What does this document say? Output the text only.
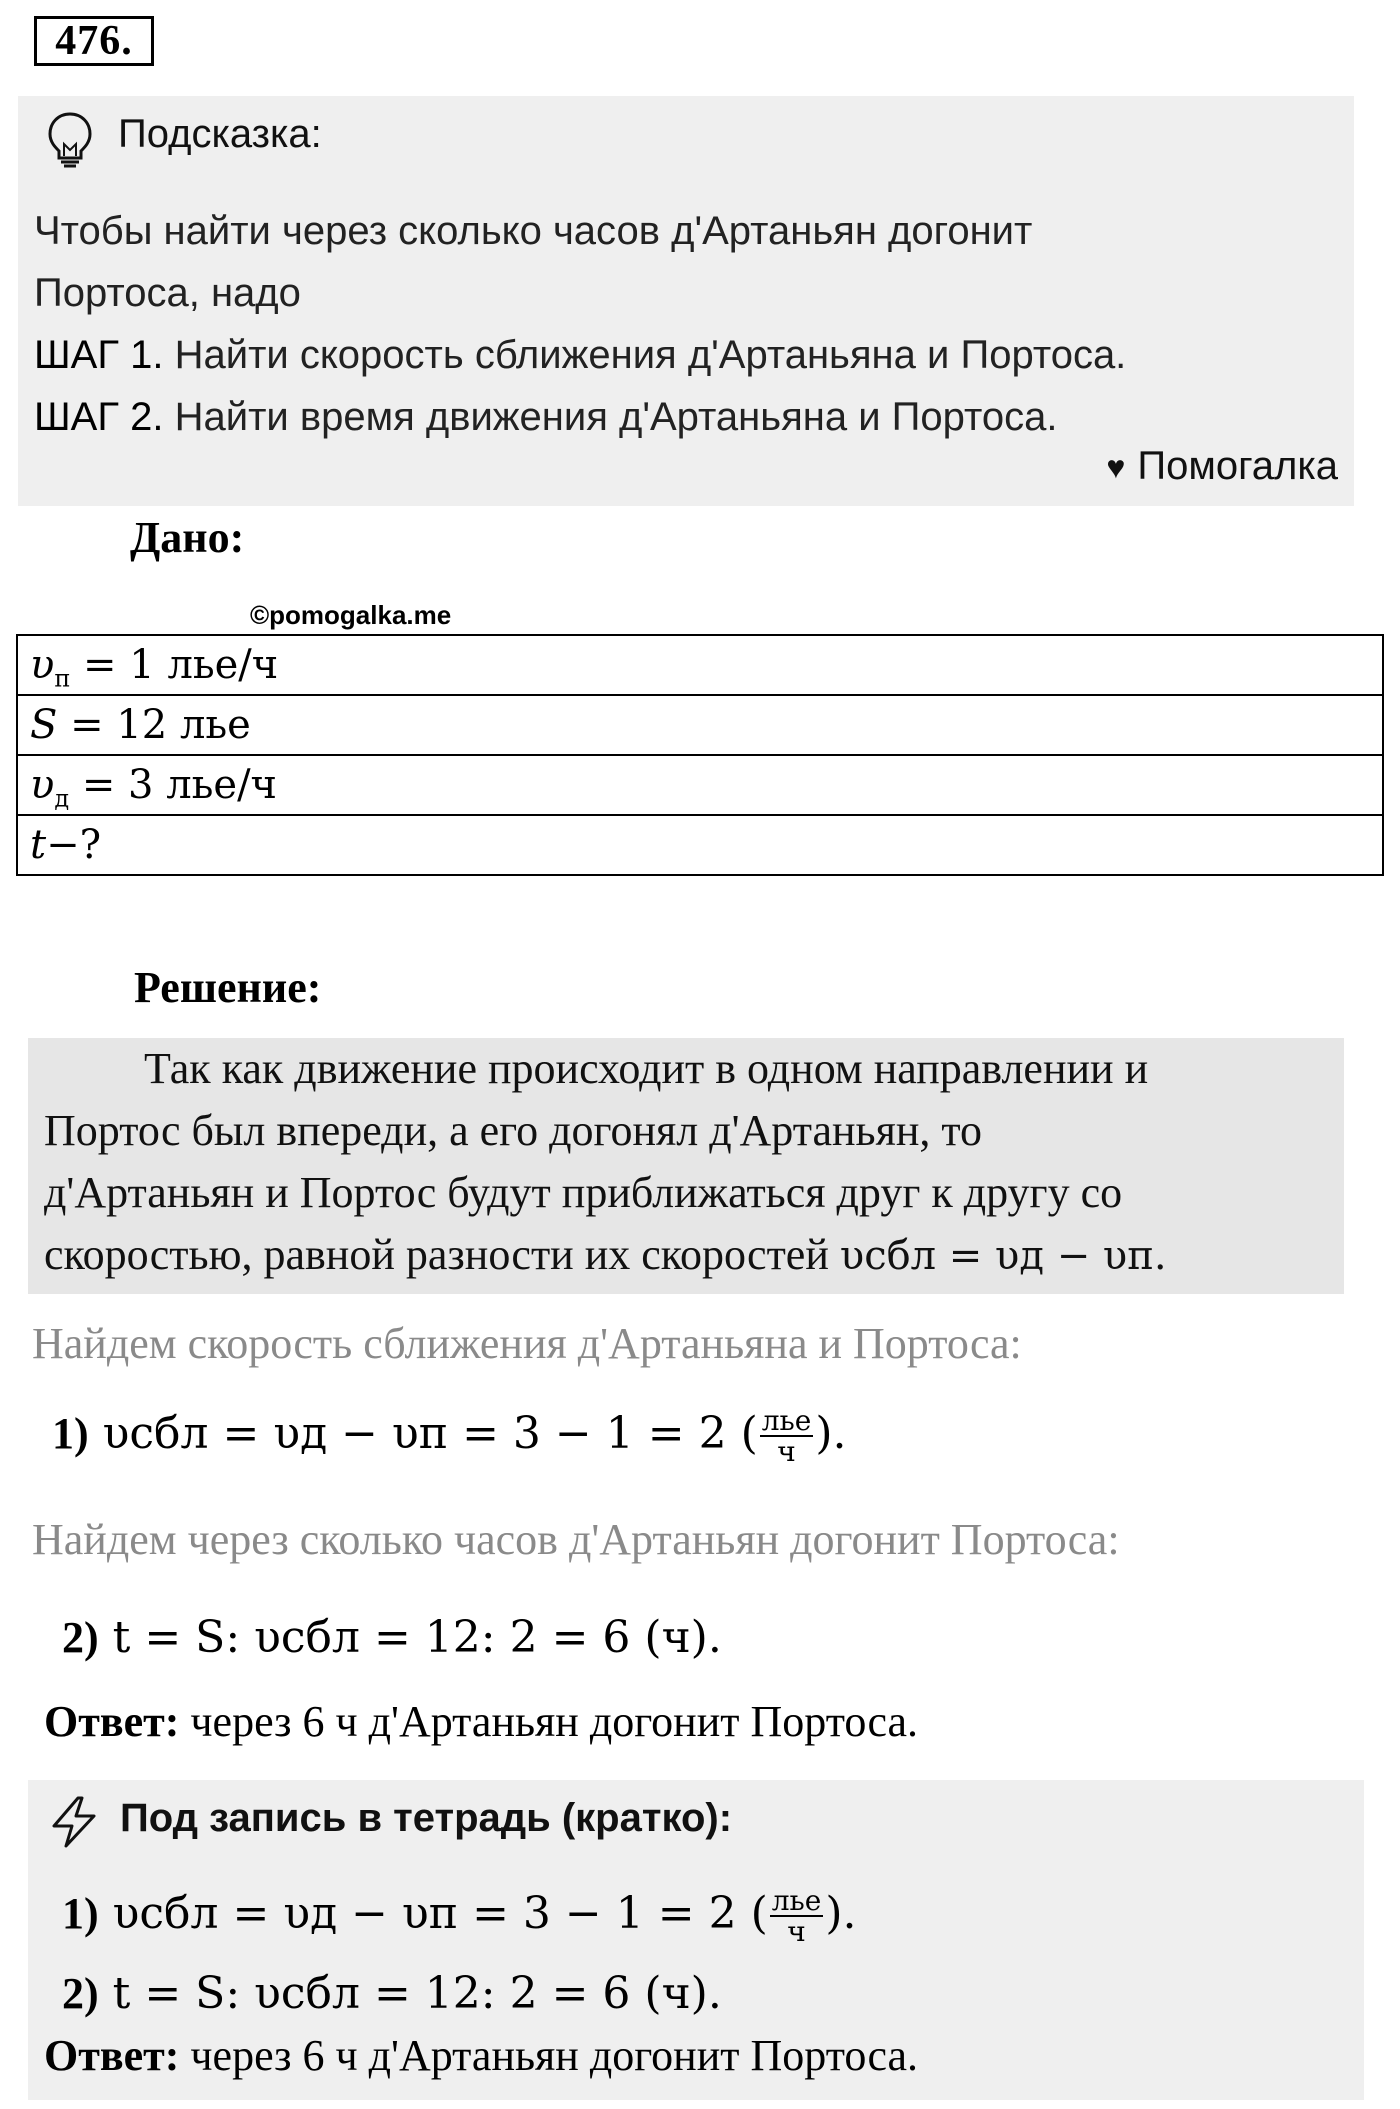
476.
Подсказка:
Чтобы найти через сколько часов д'Артаньян догонит
Портоса, надо
ШАГ 1. Найти скорость сближения д'Артаньяна и Портоса.
ШАГ 2. Найти время движения д'Артаньяна и Портоса.
♥ Помогалка
Дано:
©pomogalka.me
$\upsilon_п = 1$ лье/ч
S = 12 лье
$\upsilon_д = 3$ лье/ч
t−?
Решение:
Так как движение происходит в одном направлении и
Портос был впереди, а его догонял д'Артаньян, то
д'Артаньян и Портос будут приближаться друг к другу со
скоростью, равной разности их скоростей υсбл = υд − υп.
Найдем скорость сближения д'Артаньяна и Портоса:
1) υсбл = υд − υп = 3 − 1 = 2 ( $\frac{\text{лье}}{ч}$ ).
Найдем через сколько часов д'Артаньян догонит Портоса:
2) t = S: υсбл = 12: 2 = 6 (ч).
Ответ: через 6 ч д'Артаньян догонит Портоса.
Под запись в тетрадь (кратко):
1) υсбл = υд − υп = 3 − 1 = 2 ( $\frac{\text{лье}}{ч}$ ).
2) t = S: υсбл = 12: 2 = 6 (ч).
Ответ: через 6 ч д'Артаньян догонит Портоса.
